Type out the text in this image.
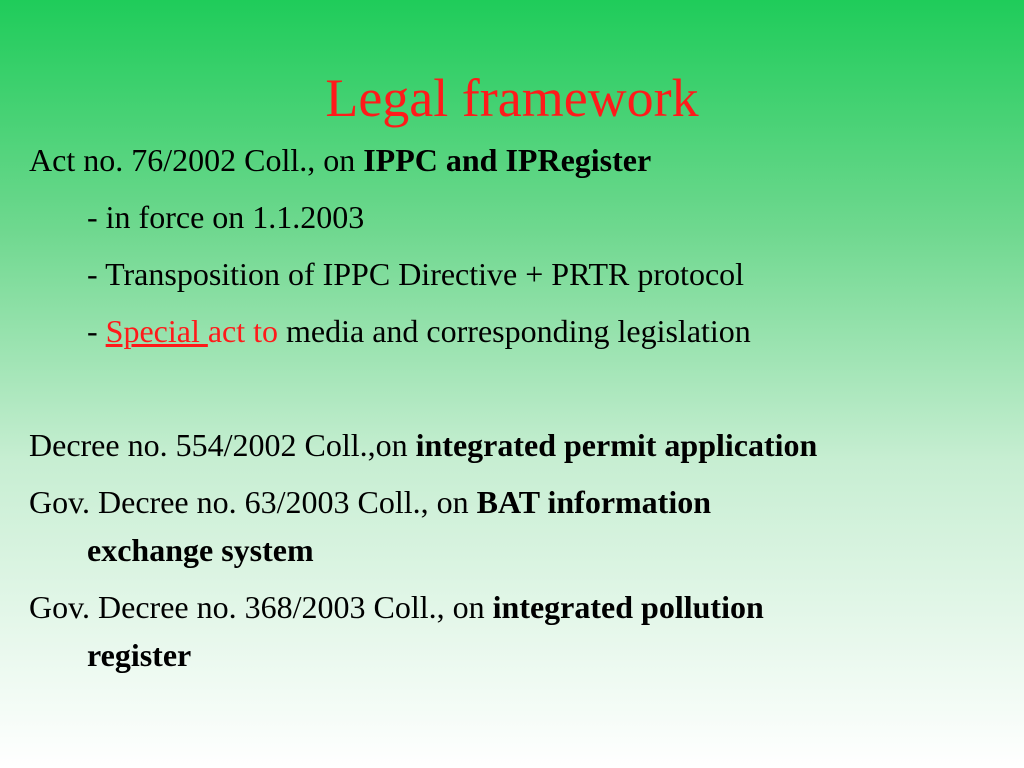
Legal framework

Act no. 76/2002 Coll., on IPPC and IPRegister

- in force on 1.1.2003

- Transposition of IPPC Directive + PRTR protocol

- Special act to media and corresponding legislation

Decree no. 554/2002 Coll.,on integrated permit application

Gov. Decree no. 63/2003 Coll., on BAT information

exchange system

Gov. Decree no. 368/2003 Coll., on integrated pollution

register
